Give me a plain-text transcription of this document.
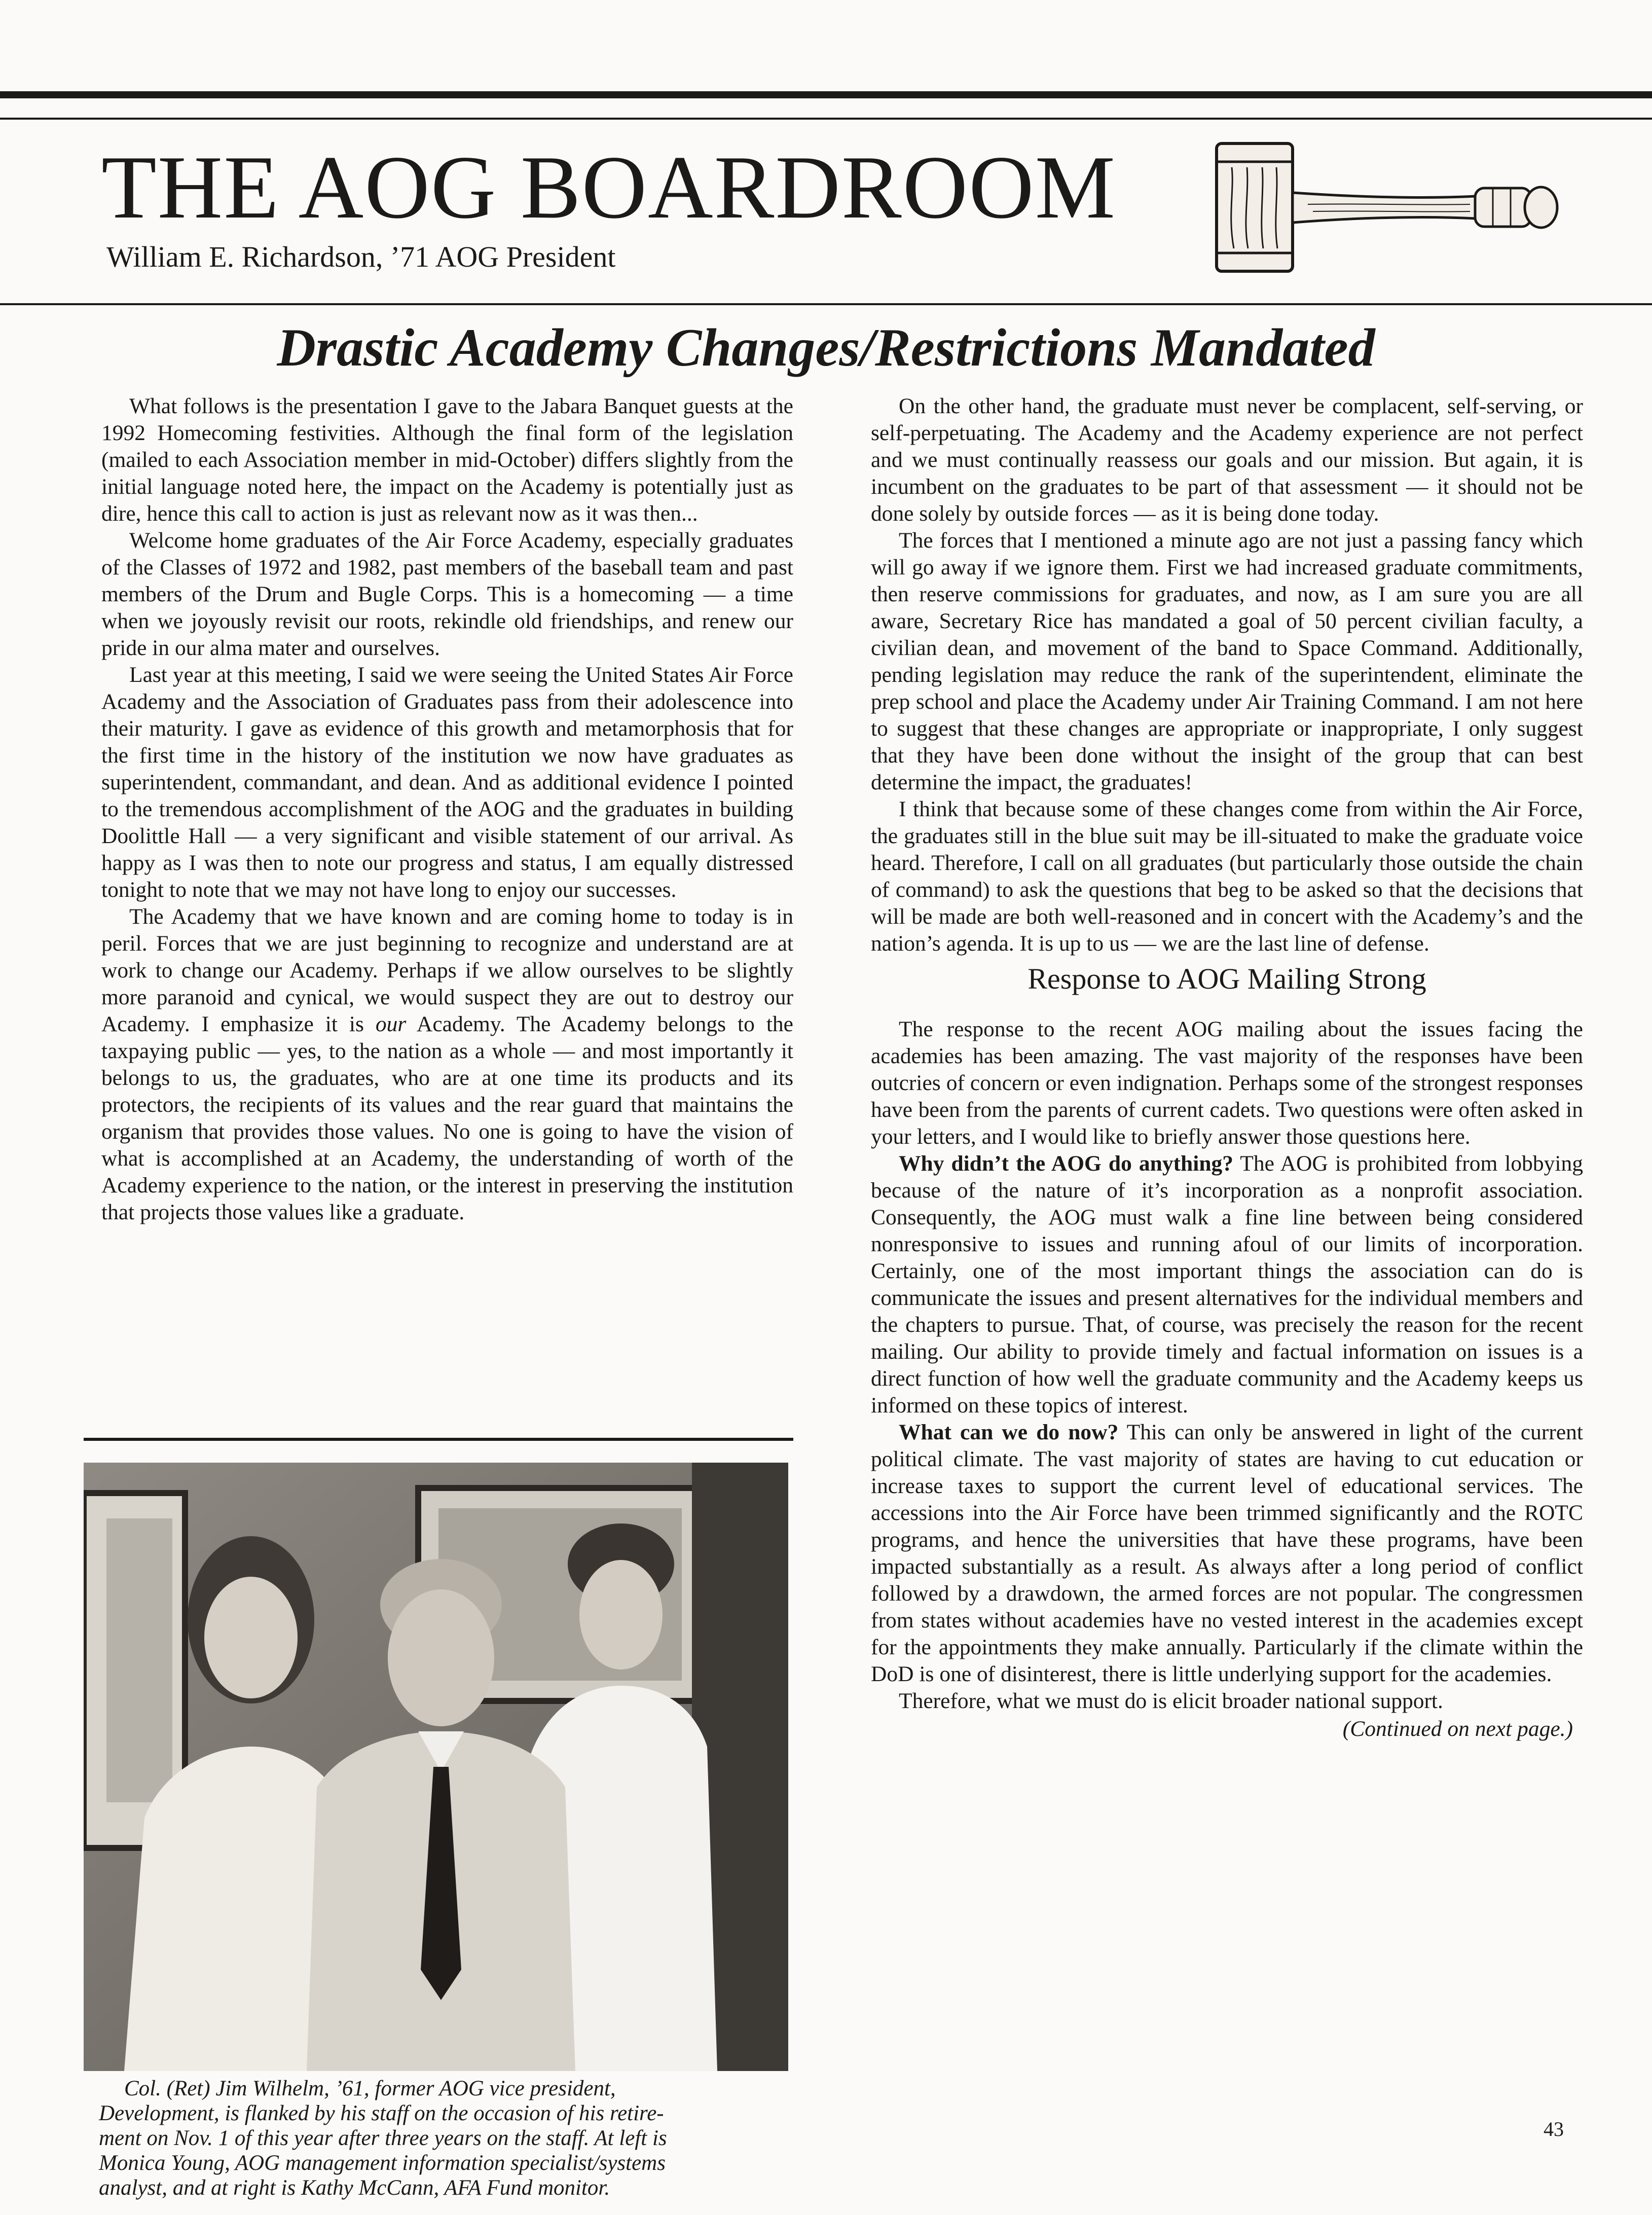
THE AOG BOARDROOM
William E. Richardson, ’71 AOG President
Drastic Academy Changes/Restrictions Mandated

What follows is the presentation I gave to the Jabara Banquet guests at the 1992 Homecoming festivities. Although the final form of the legislation (mailed to each Association member in mid-October) differs slightly from the initial language noted here, the impact on the Academy is potentially just as dire, hence this call to action is just as relevant now as it was then...

Welcome home graduates of the Air Force Academy, especially graduates of the Classes of 1972 and 1982, past members of the baseball team and past members of the Drum and Bugle Corps. This is a homecoming — a time when we joyously revisit our roots, rekindle old friendships, and renew our pride in our alma mater and ourselves.

Last year at this meeting, I said we were seeing the United States Air Force Academy and the Association of Graduates pass from their adolescence into their maturity. I gave as evidence of this growth and metamorphosis that for the first time in the history of the institution we now have graduates as superintendent, commandant, and dean. And as additional evidence I pointed to the tremendous accomplishment of the AOG and the graduates in building Doolittle Hall — a very significant and visible statement of our arrival. As happy as I was then to note our progress and status, I am equally distressed tonight to note that we may not have long to enjoy our successes.

The Academy that we have known and are coming home to today is in peril. Forces that we are just beginning to recognize and understand are at work to change our Academy. Perhaps if we allow ourselves to be slightly more paranoid and cynical, we would suspect they are out to destroy our Academy. I emphasize it is our Academy. The Academy belongs to the taxpaying public — yes, to the nation as a whole — and most importantly it belongs to us, the graduates, who are at one time its products and its protectors, the recipients of its values and the rear guard that maintains the organism that provides those values. No one is going to have the vision of what is accomplished at an Academy, the understanding of worth of the Academy experience to the nation, or the interest in preserving the institution that projects those values like a graduate.

Col. (Ret) Jim Wilhelm, ’61, former AOG vice president,
Development, is flanked by his staff on the occasion of his retire-
ment on Nov. 1 of this year after three years on the staff. At left is
Monica Young, AOG management information specialist/systems
analyst, and at right is Kathy McCann, AFA Fund monitor.

On the other hand, the graduate must never be complacent, self-serving, or self-perpetuating. The Academy and the Academy experience are not perfect and we must continually reassess our goals and our mission. But again, it is incumbent on the graduates to be part of that assessment — it should not be done solely by outside forces — as it is being done today.

The forces that I mentioned a minute ago are not just a passing fancy which will go away if we ignore them. First we had increased graduate commitments, then reserve commissions for graduates, and now, as I am sure you are all aware, Secretary Rice has mandated a goal of 50 percent civilian faculty, a civilian dean, and movement of the band to Space Command. Additionally, pending legislation may reduce the rank of the superintendent, eliminate the prep school and place the Academy under Air Training Command. I am not here to suggest that these changes are appropriate or inappropriate, I only suggest that they have been done without the insight of the group that can best determine the impact, the graduates!

I think that because some of these changes come from within the Air Force, the graduates still in the blue suit may be ill-situated to make the graduate voice heard. Therefore, I call on all graduates (but particularly those outside the chain of command) to ask the questions that beg to be asked so that the decisions that will be made are both well-reasoned and in concert with the Academy’s and the nation’s agenda. It is up to us — we are the last line of defense.

Response to AOG Mailing Strong

The response to the recent AOG mailing about the issues facing the academies has been amazing. The vast majority of the responses have been outcries of concern or even indignation. Perhaps some of the strongest responses have been from the parents of current cadets. Two questions were often asked in your letters, and I would like to briefly answer those questions here.

Why didn’t the AOG do anything? The AOG is prohibited from lobbying because of the nature of it’s incorporation as a nonprofit association. Consequently, the AOG must walk a fine line between being considered nonresponsive to issues and running afoul of our limits of incorporation. Certainly, one of the most important things the association can do is communicate the issues and present alternatives for the individual members and the chapters to pursue. That, of course, was precisely the reason for the recent mailing. Our ability to provide timely and factual information on issues is a direct function of how well the graduate community and the Academy keeps us informed on these topics of interest.

What can we do now? This can only be answered in light of the current political climate. The vast majority of states are having to cut education or increase taxes to support the current level of educational services. The accessions into the Air Force have been trimmed significantly and the ROTC programs, and hence the universities that have these programs, have been impacted substantially as a result. As always after a long period of conflict followed by a drawdown, the armed forces are not popular. The congressmen from states without academies have no vested interest in the academies except for the appointments they make annually. Particularly if the climate within the DoD is one of disinterest, there is little underlying support for the academies.

Therefore, what we must do is elicit broader national support.

(Continued on next page.)
43
